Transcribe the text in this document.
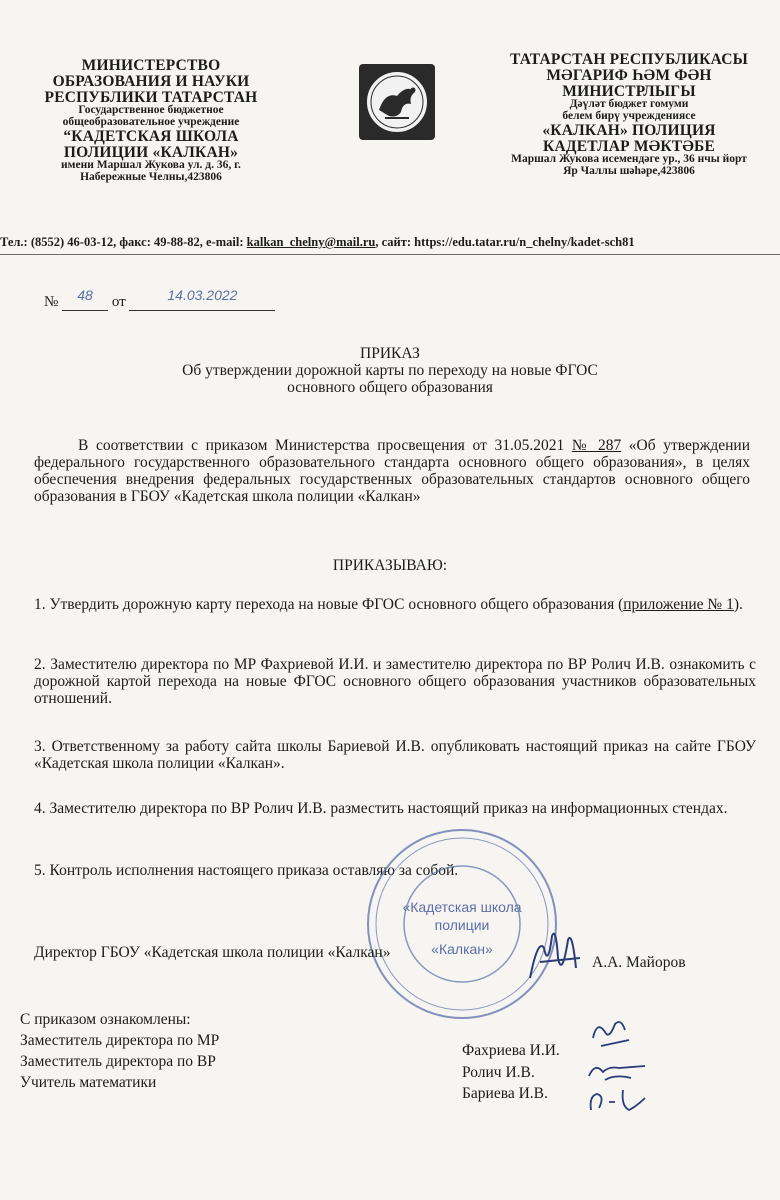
МИНИСТЕРСТВО
ОБРАЗОВАНИЯ И НАУКИ
РЕСПУБЛИКИ ТАТАРСТАН
Государственное бюджетное
общеобразовательное учреждение
“КАДЕТСКАЯ ШКОЛА
ПОЛИЦИИ «КАЛКАН»
имени Маршал Жукова ул. д. 36, г.
Набережные Челны,423806
ТАТАРСТАН РЕСПУБЛИКАСЫ
МӘГАРИФ ҺӘМ ФӘН
МИНИСТРЛЫГЫ
Дәүләт бюджет гомуми
белем бирү учреждениясе
«КАЛКАН» ПОЛИЦИЯ
КАДЕТЛАР МӘКТӘБЕ
Маршал Жукова исемендәге ур., 36 нчы йорт
Яр Чаллы шәһәре,423806
Тел.: (8552) 46-03-12, факс: 49-88-82, e-mail: kalkan_chelny@mail.ru, сайт: https://edu.tatar.ru/n_chelny/kadet-sch81
№ 48 от	14.03.2022
ПРИКАЗ
Об утверждении дорожной карты по переходу на новые ФГОС
основного общего образования
В соответствии с приказом Министерства просвещения от 31.05.2021 № 287 «Об утверждении федерального государственного образовательного стандарта основного общего образования», в целях обеспечения внедрения федеральных государственных образовательных стандартов основного общего образования в ГБОУ «Кадетская школа полиции «Калкан»
ПРИКАЗЫВАЮ:
1. Утвердить дорожную карту перехода на новые ФГОС основного общего образования (приложение № 1).
2. Заместителю директора по МР Фахриевой И.И. и заместителю директора по ВР Ролич И.В. ознакомить с дорожной картой перехода на новые ФГОС основного общего образования участников образовательных отношений.
3. Ответственному за работу сайта школы Бариевой И.В. опубликовать настоящий приказ на сайте ГБОУ «Кадетская школа полиции «Калкан».
4. Заместителю директора по ВР Ролич И.В. разместить настоящий приказ на информационных стендах.
5. Контроль исполнения настоящего приказа оставляю за собой.
«Кадетская школа
полиции
«Калкан»
Директор ГБОУ «Кадетская школа полиции «Калкан»
А.А. Майоров
С приказом ознакомлены:
Заместитель директора по МР
Заместитель директора по ВР
Учитель математики
Фахриева И.И.
Ролич И.В.
Бариева И.В.
